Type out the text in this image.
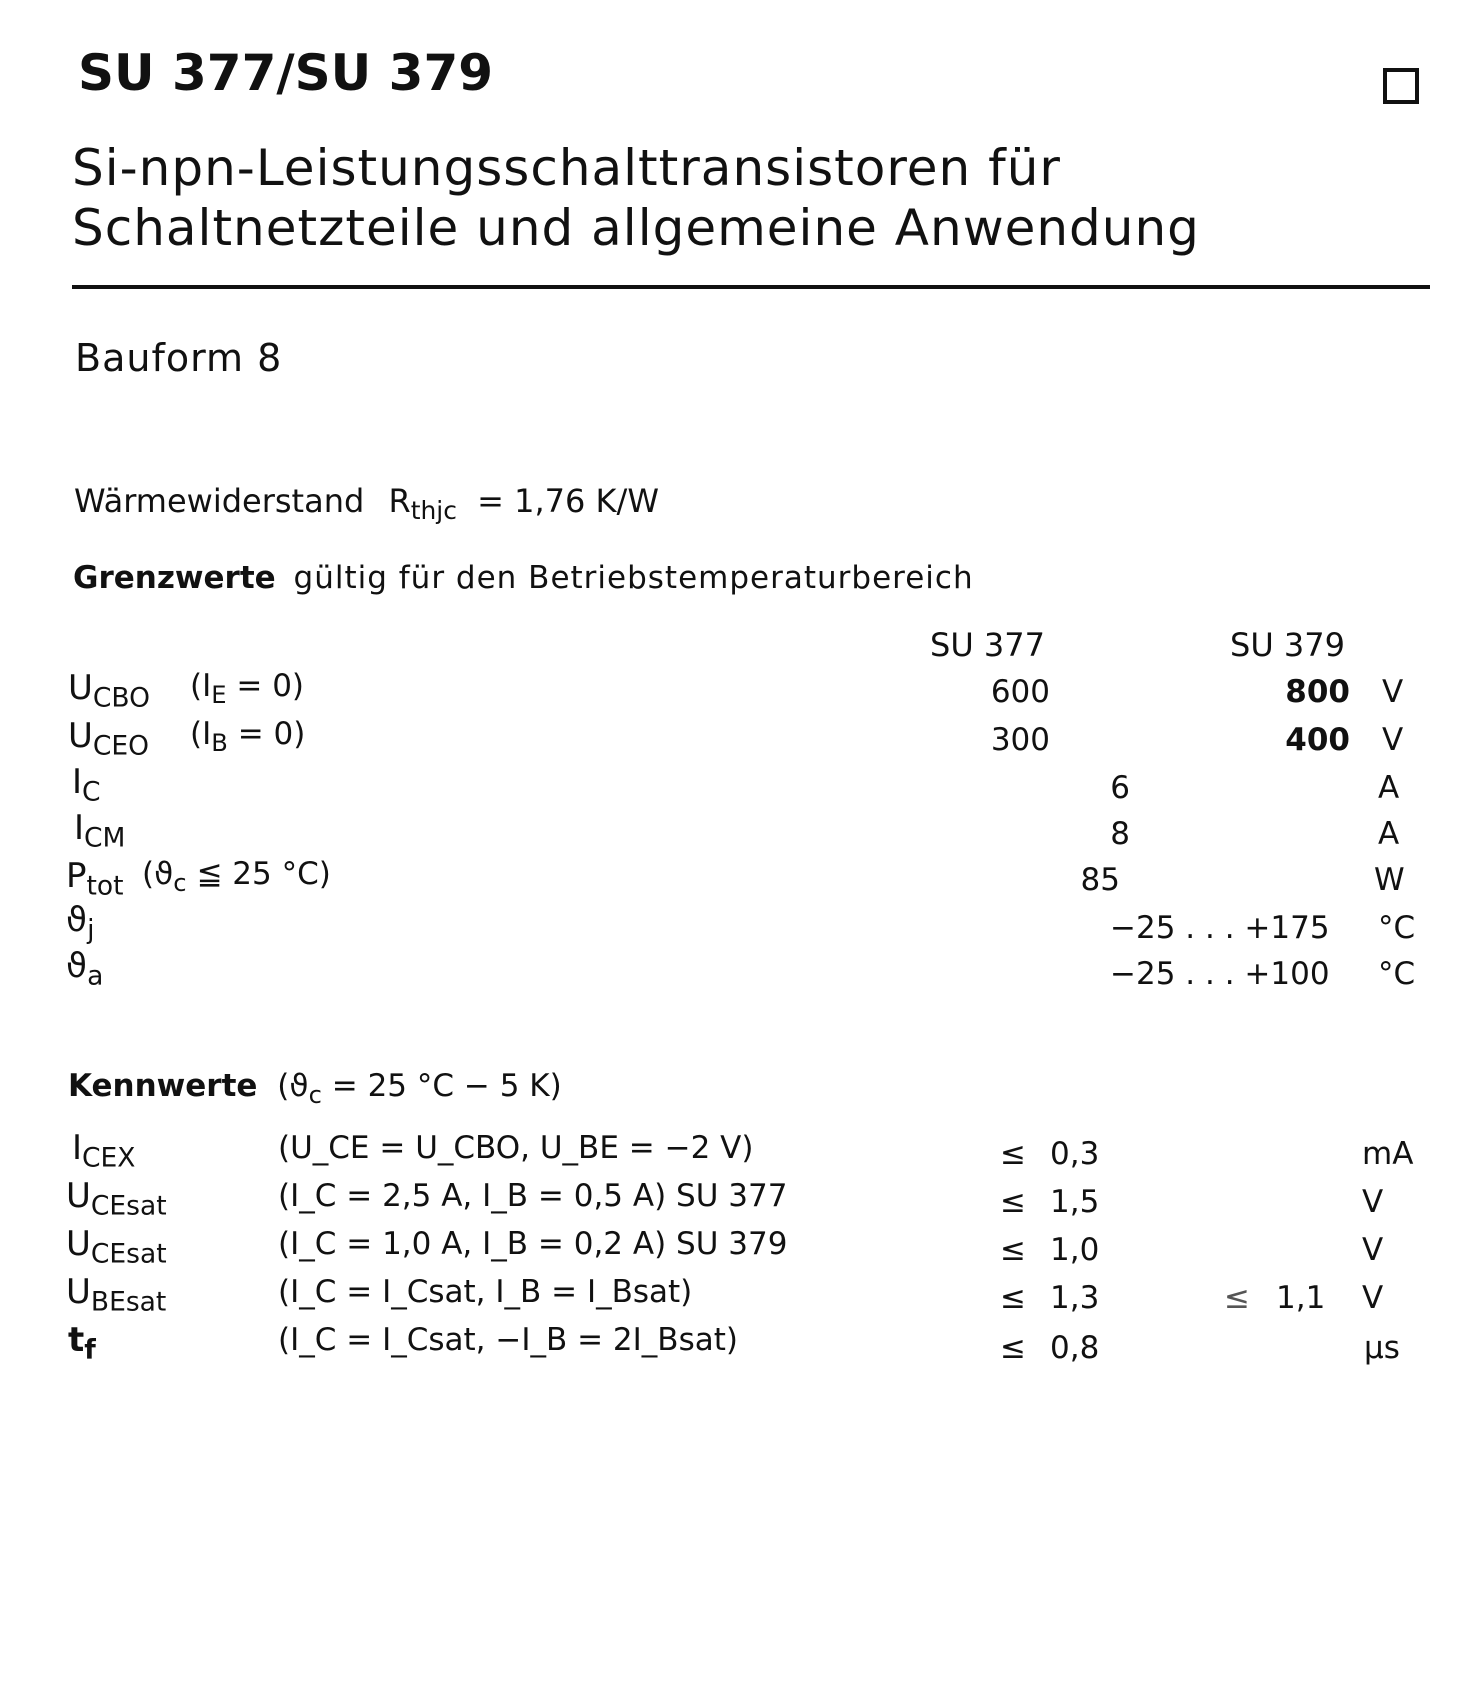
SU 377/SU 379
Si-npn-Leistungsschalttransistoren für
Schaltnetzteile und allgemeine Anwendung
Bauform 8
Wärmewiderstand $R_{thjc} = 1,76$ K/W
Grenzwerte gültig für den Betriebstemperaturbereich
SU 377	SU 379
$U_{CBO}$ $(I_E = 0)$	600	800 V
$U_{CEO}$ $(I_B = 0)$	300	400 V
$I_C$	6	A
$I_{CM}$	8	A
$P_{tot}$ ($ϑ_c$ ≦ 25 °C)	85	W
$ϑ_j$	−25 . . . +175 °C
$ϑ_a$	−25 . . . +100 °C
Kennwerte ($ϑ_c = 25$ °C − 5 K)
$I_{CEX}$	(U_CE = U_CBO, U_BE = −2 V)	≤ 0,3	mA
$U_{CEsat}$	(I_C = 2,5 A, I_B = 0,5 A) SU 377	≤ 1,5	V
$U_{CEsat}$	(I_C = 1,0 A, I_B = 0,2 A) SU 379	≤ 1,0	V
$U_{BEsat}$	(I_C = I_Csat, I_B = I_Bsat)	≤ 1,3	≤ 1,1 V
$t_f$	(I_C = I_Csat, −I_B = 2I_Bsat)	≤ 0,8	µs
